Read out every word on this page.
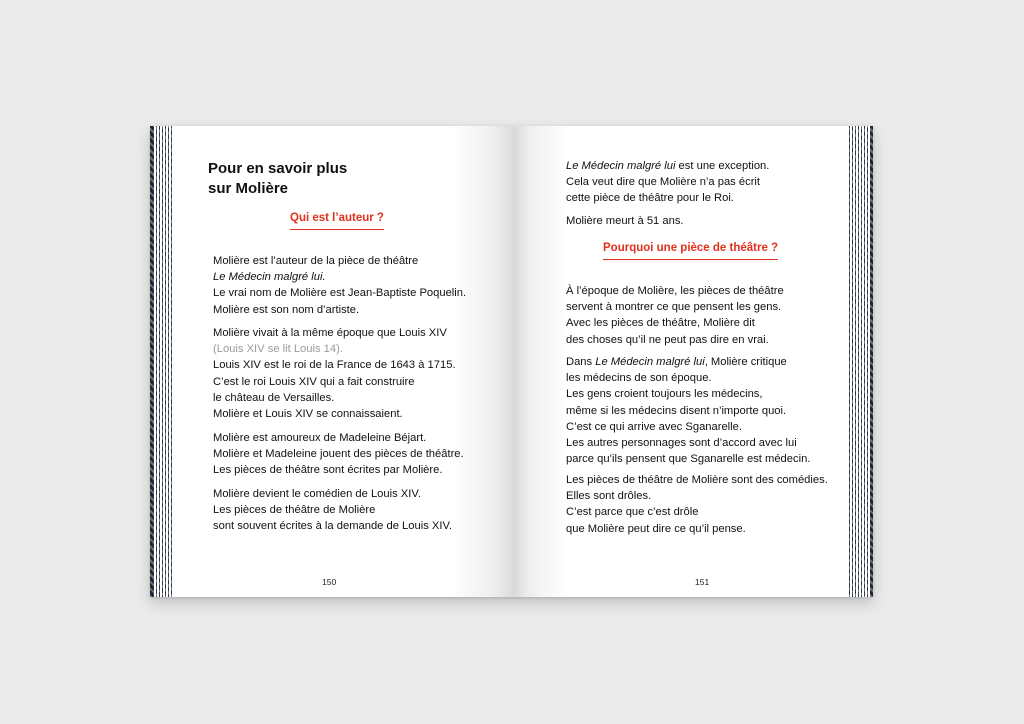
Pour en savoir plus
sur Molière
Qui est l’auteur ?
Molière est l’auteur de la pièce de théâtre
Le Médecin malgré lui.
Le vrai nom de Molière est Jean-Baptiste Poquelin.
Molière est son nom d’artiste.
Molière vivait à la même époque que Louis XIV
(Louis XIV se lit Louis 14).
Louis XIV est le roi de la France de 1643 à 1715.
C’est le roi Louis XIV qui a fait construire
le château de Versailles.
Molière et Louis XIV se connaissaient.
Molière est amoureux de Madeleine Béjart.
Molière et Madeleine jouent des pièces de théâtre.
Les pièces de théâtre sont écrites par Molière.
Molière devient le comédien de Louis XIV.
Les pièces de théâtre de Molière
sont souvent écrites à la demande de Louis XIV.
150
Le Médecin malgré lui est une exception.
Cela veut dire que Molière n’a pas écrit
cette pièce de théâtre pour le Roi.
Molière meurt à 51 ans.
Pourquoi une pièce de théâtre ?
À l’époque de Molière, les pièces de théâtre
servent à montrer ce que pensent les gens.
Avec les pièces de théâtre, Molière dit
des choses qu’il ne peut pas dire en vrai.
Dans Le Médecin malgré lui, Molière critique
les médecins de son époque.
Les gens croient toujours les médecins,
même si les médecins disent n’importe quoi.
C’est ce qui arrive avec Sganarelle.
Les autres personnages sont d’accord avec lui
parce qu’ils pensent que Sganarelle est médecin.
Les pièces de théâtre de Molière sont des comédies.
Elles sont drôles.
C’est parce que c’est drôle
que Molière peut dire ce qu’il pense.
151
